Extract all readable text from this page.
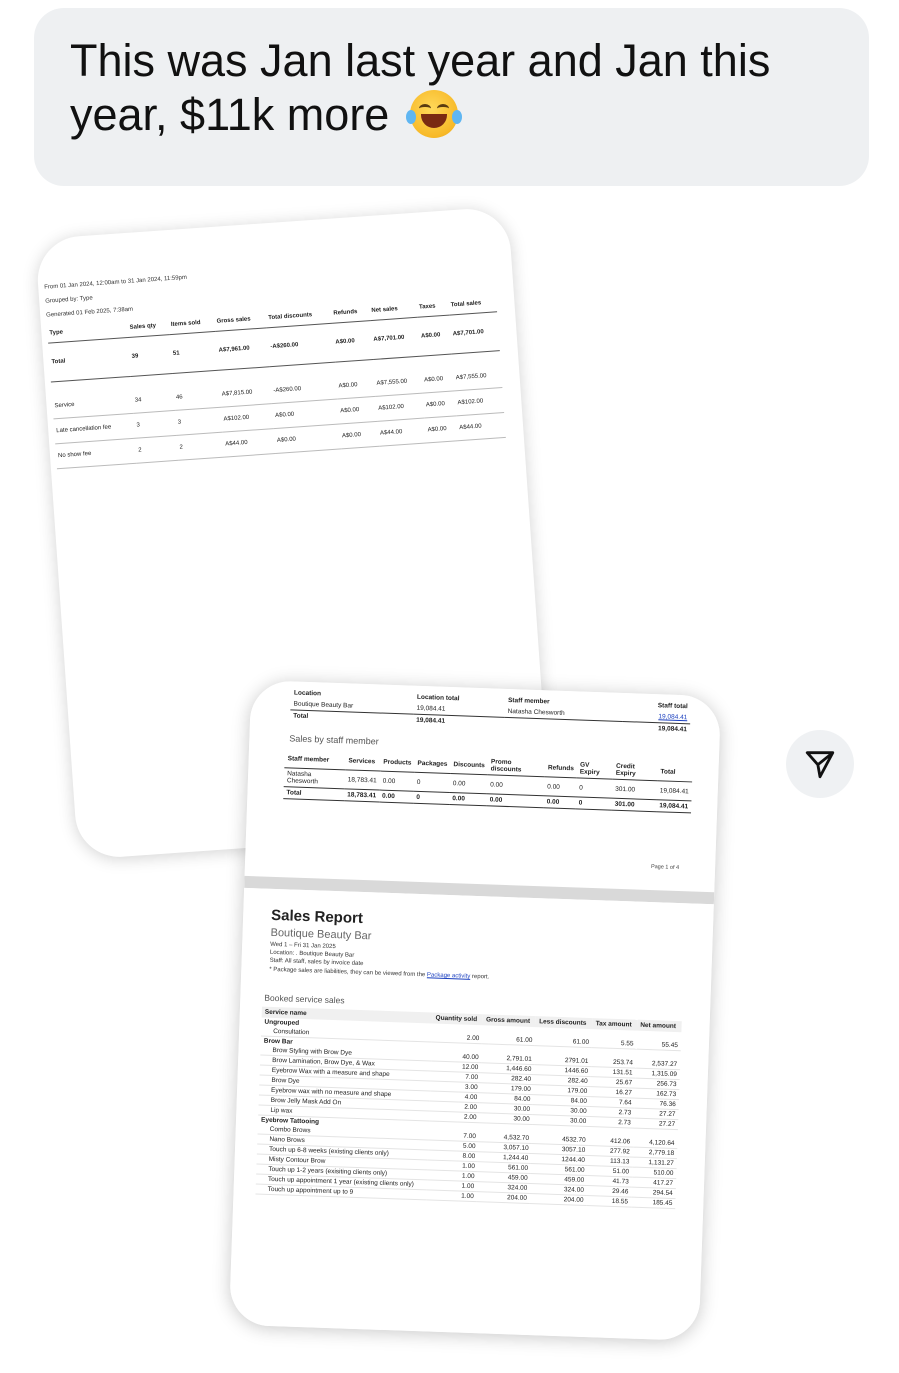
This was Jan last year and Jan this year, $11k more
From 01 Jan 2024, 12:00am to 31 Jan 2024, 11:59pm
Grouped by: Type
Generated 01 Feb 2025, 7:38am
Type	Sales qty	Items sold	Gross sales	Total discounts	Refunds	Net sales	Taxes	Total sales
Total	39	51	A$7,961.00	-A$260.00	A$0.00	A$7,701.00	A$0.00	A$7,701.00

Service	34	46	A$7,815.00	-A$260.00	A$0.00	A$7,555.00	A$0.00	A$7,555.00
Late cancellation fee	3	3	A$102.00	A$0.00	A$0.00	A$102.00	A$0.00	A$102.00
No show fee	2	2	A$44.00	A$0.00	A$0.00	A$44.00	A$0.00	A$44.00
Location	Location total	Staff member	Staff total
Boutique Beauty Bar	19,084.41	Natasha Chesworth	19,084.41
Total	19,084.41		19,084.41
Sales by staff member
Staff member	Services	Products	Packages	Discounts	Promo discounts	Refunds	GV Expiry	Credit Expiry	Total
Natasha Chesworth	18,783.41	0.00	0	0.00	0.00	0.00	0	301.00	19,084.41
Total	18,783.41	0.00	0	0.00	0.00	0.00	0	301.00	19,084.41
Page 1 of 4
Sales Report
Boutique Beauty Bar
Wed 1 – Fri 31 Jan 2025
Location: . Boutique Beauty Bar
Staff: All staff, sales by invoice date
* Package sales are liabilities, they can be viewed from the Package activity report.
Booked service sales
Service name	Quantity sold	Gross amount	Less discounts	Tax amount	Net amount
Ungrouped					
Consultation	2.00	61.00	61.00	5.55	55.45
Brow Bar					
Brow Styling with Brow Dye	40.00	2,791.01	2791.01	253.74	2,537.27
Brow Lamination, Brow Dye, & Wax	12.00	1,446.60	1446.60	131.51	1,315.09
Eyebrow Wax with a measure and shape	7.00	282.40	282.40	25.67	256.73
Brow Dye	3.00	179.00	179.00	16.27	162.73
Eyebrow wax with no measure and shape	4.00	84.00	84.00	7.64	76.36
Brow Jelly Mask Add On	2.00	30.00	30.00	2.73	27.27
Lip wax	2.00	30.00	30.00	2.73	27.27
Eyebrow Tattooing					
Combo Brows	7.00	4,532.70	4532.70	412.06	4,120.64
Nano Brows	5.00	3,057.10	3057.10	277.92	2,779.18
Touch up 6-8 weeks (existing clients only)	8.00	1,244.40	1244.40	113.13	1,131.27
Misty Contour Brow	1.00	561.00	561.00	51.00	510.00
Touch up 1-2 years (exisiting clients only)	1.00	459.00	459.00	41.73	417.27
Touch up appointment 1 year (existing clients only)	1.00	324.00	324.00	29.46	294.54
Touch up appointment up to 9	1.00	204.00	204.00	18.55	185.45
